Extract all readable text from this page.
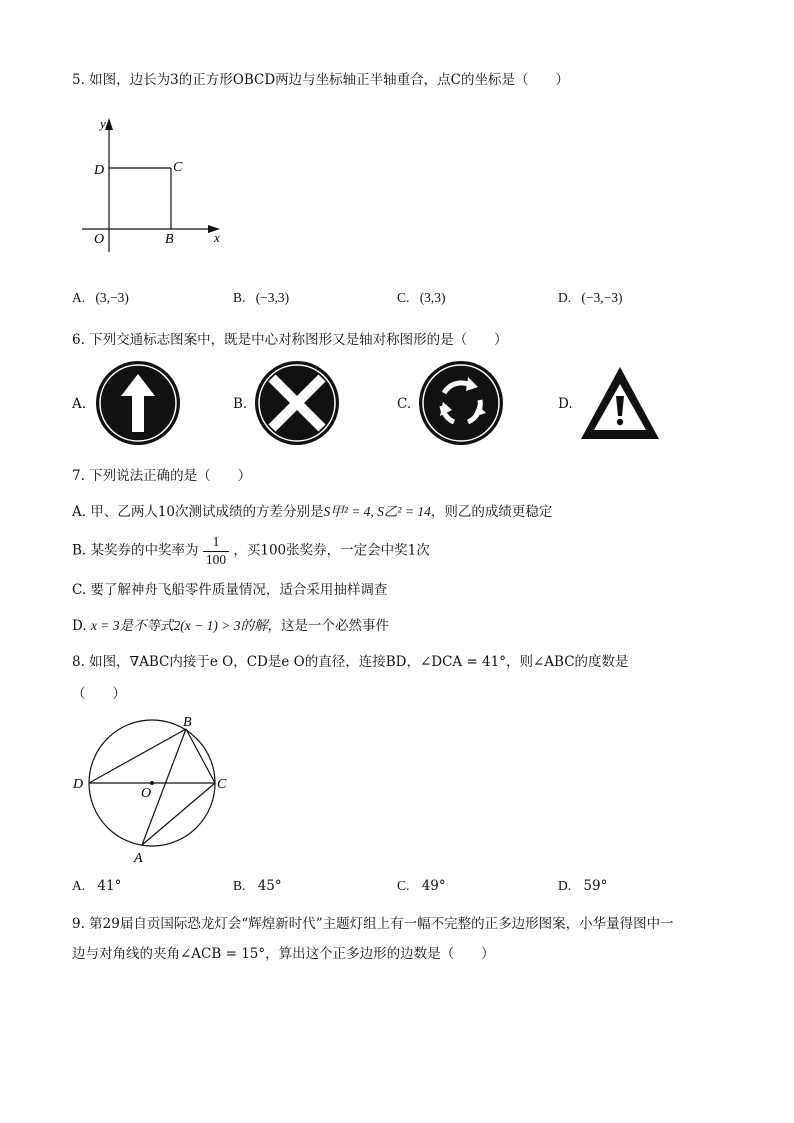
5. 如图，边长为3的正方形OBCD两边与坐标轴正半轴重合，点C的坐标是（　　）
y
x
D	C
O	B
A. (3,−3)	B. (−3,3)	C. (3,3)	D. (−3,−3)
6. 下列交通标志图案中，既是中心对称图形又是轴对称图形的是（　　）
A.	B.	C.	D.
7. 下列说法正确的是（　　）
A. 甲、乙两人10次测试成绩的方差分别是S甲² = 4, S乙² = 14，则乙的成绩更稳定
B. 某奖券的中奖率为 $\frac{1}{100}$ ，买100张奖券，一定会中奖1次
C. 要了解神舟飞船零件质量情况，适合采用抽样调查
D. x = 3是不等式2(x − 1) > 3的解，这是一个必然事件
8. 如图，∇ABC内接于e O，CD是e O的直径，连接BD，∠DCA = 41°，则∠ABC的度数是
（　　）
B
D
O
C
A
A. 41°	B. 45°	C. 49°	D. 59°
9. 第29届自贡国际恐龙灯会“辉煌新时代”主题灯组上有一幅不完整的正多边形图案，小华量得图中一
边与对角线的夹角∠ACB = 15°，算出这个正多边形的边数是（　　）
